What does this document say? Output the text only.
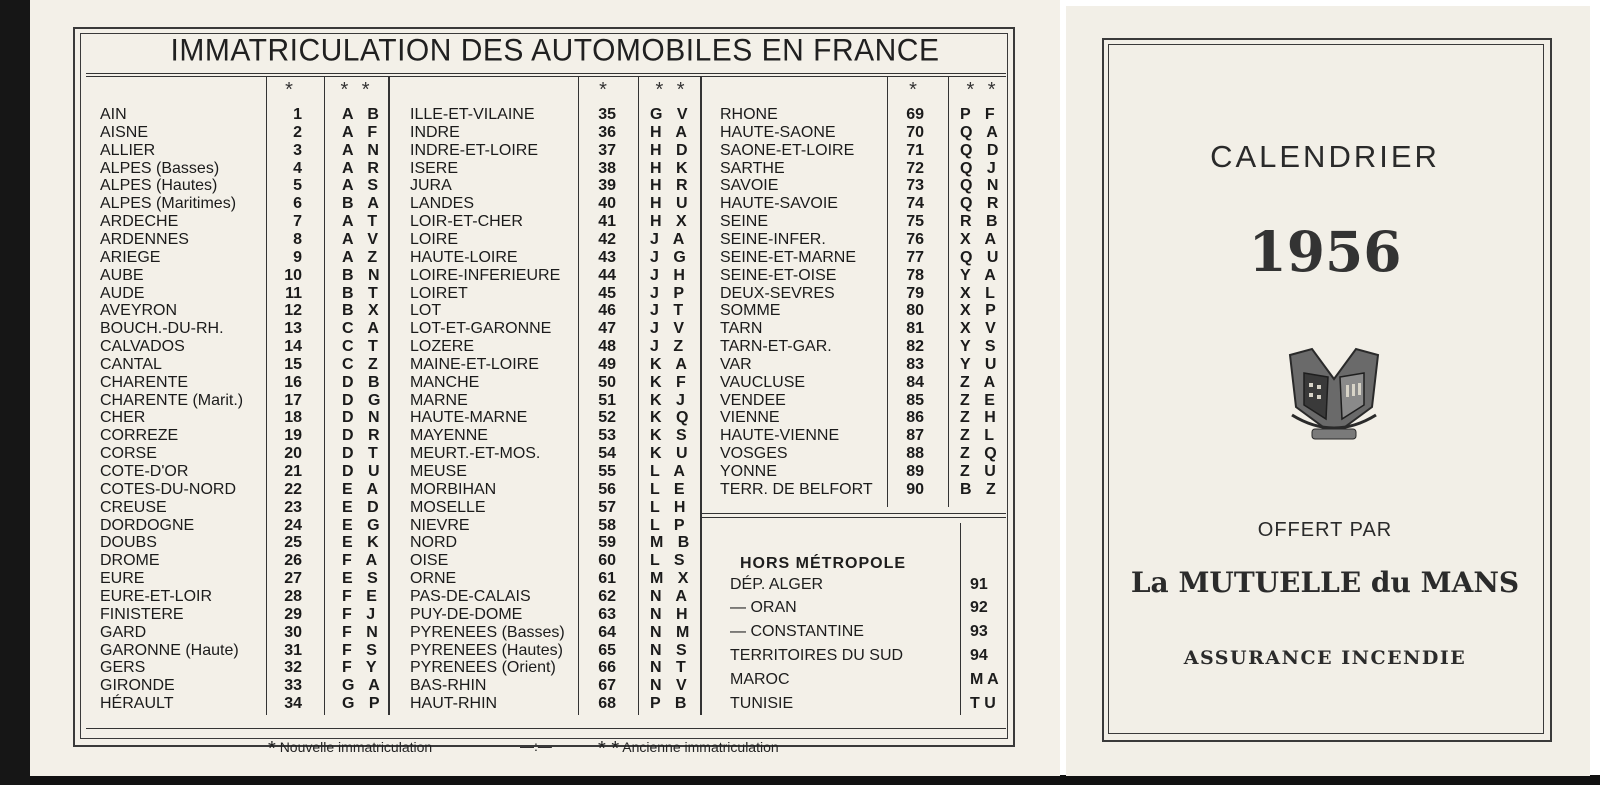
IMMATRICULATION DES AUTOMOBILES EN FRANCE
*	* *	*	* *	*	* *
AIN	1	A B
AISNE	2	A F
ALLIER	3	A N
ALPES (Basses)	4	A R
ALPES (Hautes)	5	A S
ALPES (Maritimes)	6	B A
ARDECHE	7	A T
ARDENNES	8	A V
ARIEGE	9	A Z
AUBE	10	B N
AUDE	11	B T
AVEYRON	12	B X
BOUCH.-DU-RH.	13	C A
CALVADOS	14	C T
CANTAL	15	C Z
CHARENTE	16	D B
CHARENTE (Marit.)	17	D G
CHER	18	D N
CORREZE	19	D R
CORSE	20	D T
COTE-D'OR	21	D U
COTES-DU-NORD	22	E A
CREUSE	23	E D
DORDOGNE	24	E G
DOUBS	25	E K
DROME	26	F A
EURE	27	E S
EURE-ET-LOIR	28	F E
FINISTERE	29	F J
GARD	30	F N
GARONNE (Haute)	31	F S
GERS	32	F Y
GIRONDE	33	G A
HÉRAULT	34	G P
ILLE-ET-VILAINE	35 G V
INDRE	36 H A
INDRE-ET-LOIRE	37 H D
ISERE	38 H K
JURA	39 H R
LANDES	40 H U
LOIR-ET-CHER	41 H X
LOIRE	42 J A
HAUTE-LOIRE	43 J G
LOIRE-INFERIEURE	44 J H
LOIRET	45 J P
LOT	46 J T
LOT-ET-GARONNE	47 J V
LOZERE	48 J Z
MAINE-ET-LOIRE	49 K A
MANCHE	50 K F
MARNE	51 K J
HAUTE-MARNE	52 K Q
MAYENNE	53 K S
MEURT.-ET-MOS.	54 K U
MEUSE	55 L A
MORBIHAN	56 L E
MOSELLE	57 L H
NIEVRE	58 L P
NORD	59 M B
OISE	60 L S
ORNE	61 M X
PAS-DE-CALAIS	62 N A
PUY-DE-DOME	63 N H
PYRENEES (Basses)	64 N M
PYRENEES (Hautes)	65 N S
PYRENEES (Orient)	66 N T
BAS-RHIN	67 N V
HAUT-RHIN	68 P B
RHONE	69 P F
HAUTE-SAONE	70 Q A
SAONE-ET-LOIRE	71 Q D
SARTHE	72 Q J
SAVOIE	73 Q N
HAUTE-SAVOIE	74 Q R
SEINE	75 R B
SEINE-INFER.	76 X A
SEINE-ET-MARNE	77 Q U
SEINE-ET-OISE	78 Y A
DEUX-SEVRES	79 X L
SOMME	80 X P
TARN	81 X V
TARN-ET-GAR.	82 Y S
VAR	83 Y U
VAUCLUSE	84 Z A
VENDEE	85 Z E
VIENNE	86 Z H
HAUTE-VIENNE	87 Z L
VOSGES	88 Z Q
YONNE	89 Z U
TERR. DE BELFORT	90 B Z
HORS MÉTROPOLE
DÉP. ALGER	91
— ORAN	92
— CONSTANTINE	93
TERRITOIRES DU SUD	94
MAROC	M A
TUNISIE	T U
* Nouvelle immatriculation	—:— * * Ancienne immatriculation
CALENDRIER
1956
OFFERT PAR
La MUTUELLE du MANS
ASSURANCE INCENDIE
